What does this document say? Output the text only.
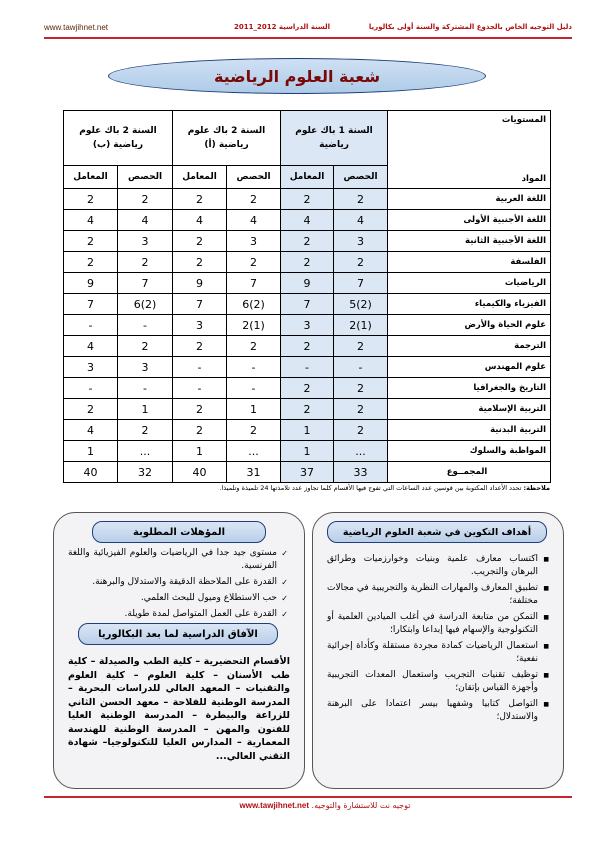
www.tawjihnet.net	السنة الدراسية 2012_2011	دليل التوجيه الخاص بالجذوع المشتركة والسنة أولى بكالوريا
شعبة العلوم الرياضية
السنة 2 باك علوم رياضية (ب)		السنة 2 باك علوم رياضية (أ)		السنة 1 باك علوم رياضية		المستويات
المواد

المعامل	الحصص	المعامل	الحصص	المعامل	الحصص	
2	2	2	2	2	2	اللغة العربية
4	4	4	4	4	4	اللغة الأجنبية الأولى
2	3	2	3	2	3	اللغة الأجنبية الثانية
2	2	2	2	2	2	الفلسفة
9	7	9	7	9	7	الرياضيات
7	6(2)	7	6(2)	7	5(2)	الفيزياء والكيمياء
-	-	3	2(1)	3	2(1)	علوم الحياة والأرض
4	2	2	2	2	2	الترجمة
3	3	-	-	-	-	علوم المهندس
-	-	-	-	2	2	التاريخ والجغرافيا
2	1	2	1	2	2	التربية الإسلامية
4	2	2	2	1	2	التربية البدنية
1	...	1	...	1	...	المواظبة والسلوك
40	32	40	31	37	33	المجمــوع
ملاحظة: تحدد الأعداد المكتوبة بين قوسين عدد الساعات التي تفوج فيها الأقسام كلما تجاوز عدد تلامذتها 24 تلميذة وتلميذا.
المؤهلات المطلوبة
✓ مستوى جيد جدا في الرياضيات والعلوم الفيزيائية واللغة الفرنسية.
✓ القدرة على الملاحظة الدقيقة والاستدلال والبرهنة.
✓ حب الاستطلاع وميول للبحث العلمي.
✓ القدرة على العمل المتواصل لمدة طويلة.
الآفاق الدراسية لما بعد البكالوريا
الأقسام التحضيرية – كلية الطب والصيدلة – كلية طب الأسنان – كلية العلوم – كلية العلوم والتقنيات – المعهد العالي للدراسات البحرية – المدرسة الوطنية للفلاحة – معهد الحسن الثاني للزراعة والبيطرة – المدرسة الوطنية العليا للفنون والمهن – المدرسة الوطنية للهندسة المعمارية – المدارس العليا للتكنولوجيا– شهادة التقني العالي...
أهداف التكوين في شعبة العلوم الرياضية
■ اكتساب معارف علمية وبنيات وخوارزميات وطرائق البرهان والتجريب.
■ تطبيق المعارف والمهارات النظرية والتجريبية في مجالات مختلفة؛
■ التمكن من متابعة الدراسة في أغلب الميادين العلمية أو التكنولوجية والإسهام فيها إبداعا وابتكارا؛
■ استعمال الرياضيات كمادة مجردة مستقلة وكأداة إجرائية نفعية؛
■ توظيف تقنيات التجريب واستعمال المعدات التجريبية وأجهزة القياس بإتقان؛
■ التواصل كتابيا وشفهيا بيسر اعتمادا على البرهنة والاستدلال؛
توجيه نت للاستشارة والتوجيه. www.tawjihnet.net
